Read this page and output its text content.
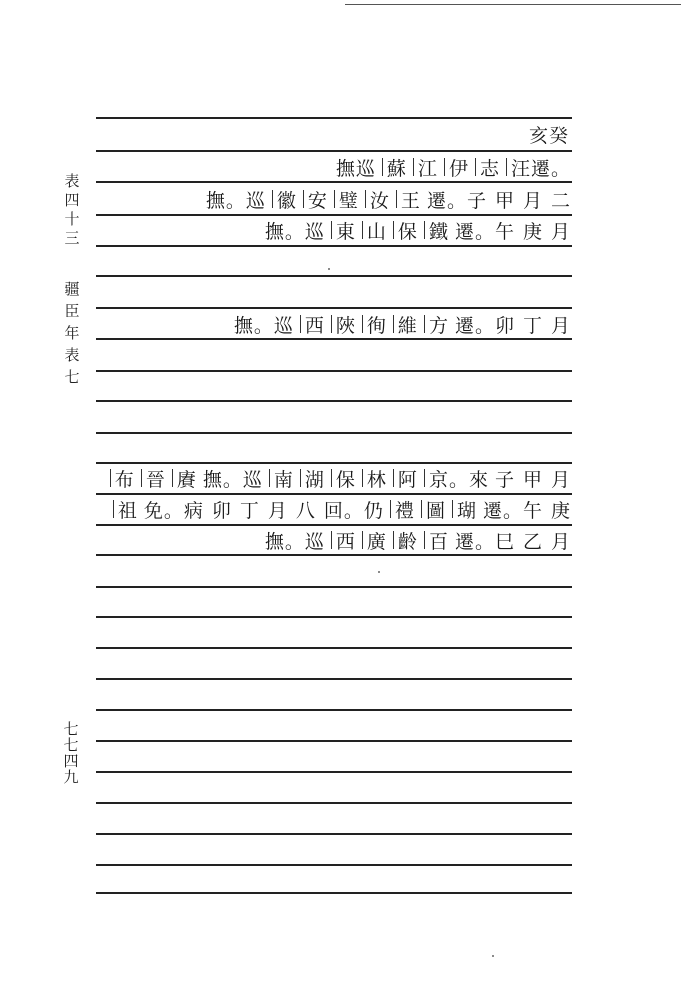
表
四
十
三
疆
臣
年
表
七
七
七
四
九
亥 癸
撫 巡 蘇 江 伊 志 汪 遷。
撫。巡 徽 安 璧 汝 王 遷。子 甲 月 二
撫。巡 東 山 保 鐵 遷。午 庚 月
撫。巡 西 陜 徇 維 方 遷。卯 丁 月
布 晉 賡 撫。巡 南 湖 保 林 阿 京。來 子 甲 月
祖 免。病 卯 丁 月 八 回。仍 禮 圖 瑚 遷。午 庚
撫。巡 西 廣 齡 百 遷。巳 乙 月
